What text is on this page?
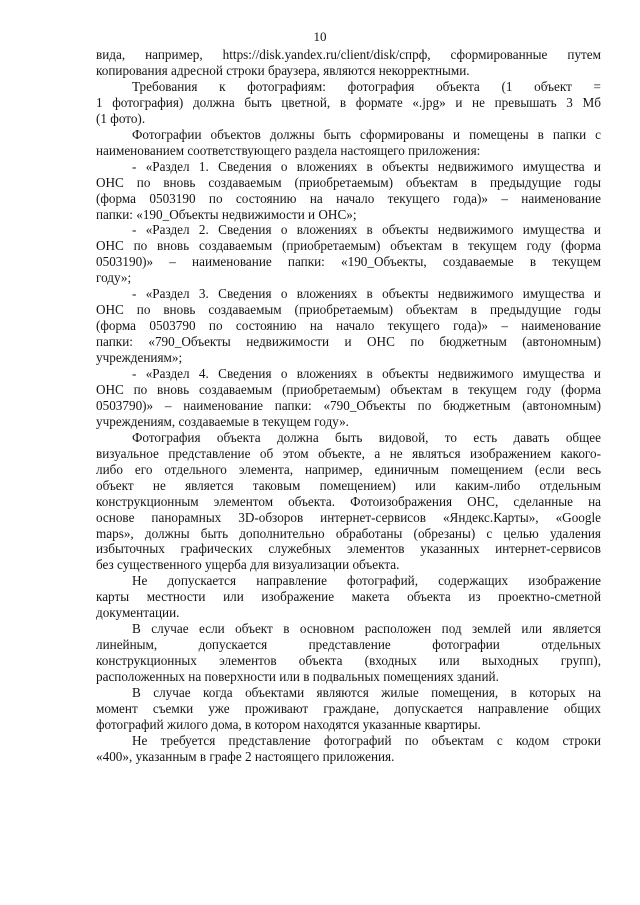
10
вида, например, https://disk.yandex.ru/client/disk/спрф, сформированные путем
копирования адресной строки браузера, являются некорректными.
Требования к фотографиям: фотография объекта (1 объект =
1 фотография) должна быть цветной, в формате «.jpg» и не превышать 3 Мб
(1 фото).
Фотографии объектов должны быть сформированы и помещены в папки с
наименованием соответствующего раздела настоящего приложения:
- «Раздел 1. Сведения о вложениях в объекты недвижимого имущества и
ОНС по вновь создаваемым (приобретаемым) объектам в предыдущие годы
(форма 0503190 по состоянию на начало текущего года)» – наименование
папки: «190_Объекты недвижимости и ОНС»;
- «Раздел 2. Сведения о вложениях в объекты недвижимого имущества и
ОНС по вновь создаваемым (приобретаемым) объектам в текущем году (форма
0503190)» – наименование папки: «190_Объекты, создаваемые в текущем
году»;
- «Раздел 3. Сведения о вложениях в объекты недвижимого имущества и
ОНС по вновь создаваемым (приобретаемым) объектам в предыдущие годы
(форма 0503790 по состоянию на начало текущего года)» – наименование
папки: «790_Объекты недвижимости и ОНС по бюджетным (автономным)
учреждениям»;
- «Раздел 4. Сведения о вложениях в объекты недвижимого имущества и
ОНС по вновь создаваемым (приобретаемым) объектам в текущем году (форма
0503790)» – наименование папки: «790_Объекты по бюджетным (автономным)
учреждениям, создаваемые в текущем году».
Фотография объекта должна быть видовой, то есть давать общее
визуальное представление об этом объекте, а не являться изображением какого-
либо его отдельного элемента, например, единичным помещением (если весь
объект не является таковым помещением) или каким-либо отдельным
конструкционным элементом объекта. Фотоизображения ОНС, сделанные на
основе панорамных 3D-обзоров интернет-сервисов «Яндекс.Карты», «Google
maps», должны быть дополнительно обработаны (обрезаны) с целью удаления
избыточных графических служебных элементов указанных интернет-сервисов
без существенного ущерба для визуализации объекта.
Не допускается направление фотографий, содержащих изображение
карты местности или изображение макета объекта из проектно-сметной
документации.
В случае если объект в основном расположен под землей или является
линейным, допускается представление фотографии отдельных
конструкционных элементов объекта (входных или выходных групп),
расположенных на поверхности или в подвальных помещениях зданий.
В случае когда объектами являются жилые помещения, в которых на
момент съемки уже проживают граждане, допускается направление общих
фотографий жилого дома, в котором находятся указанные квартиры.
Не требуется представление фотографий по объектам с кодом строки
«400», указанным в графе 2 настоящего приложения.
